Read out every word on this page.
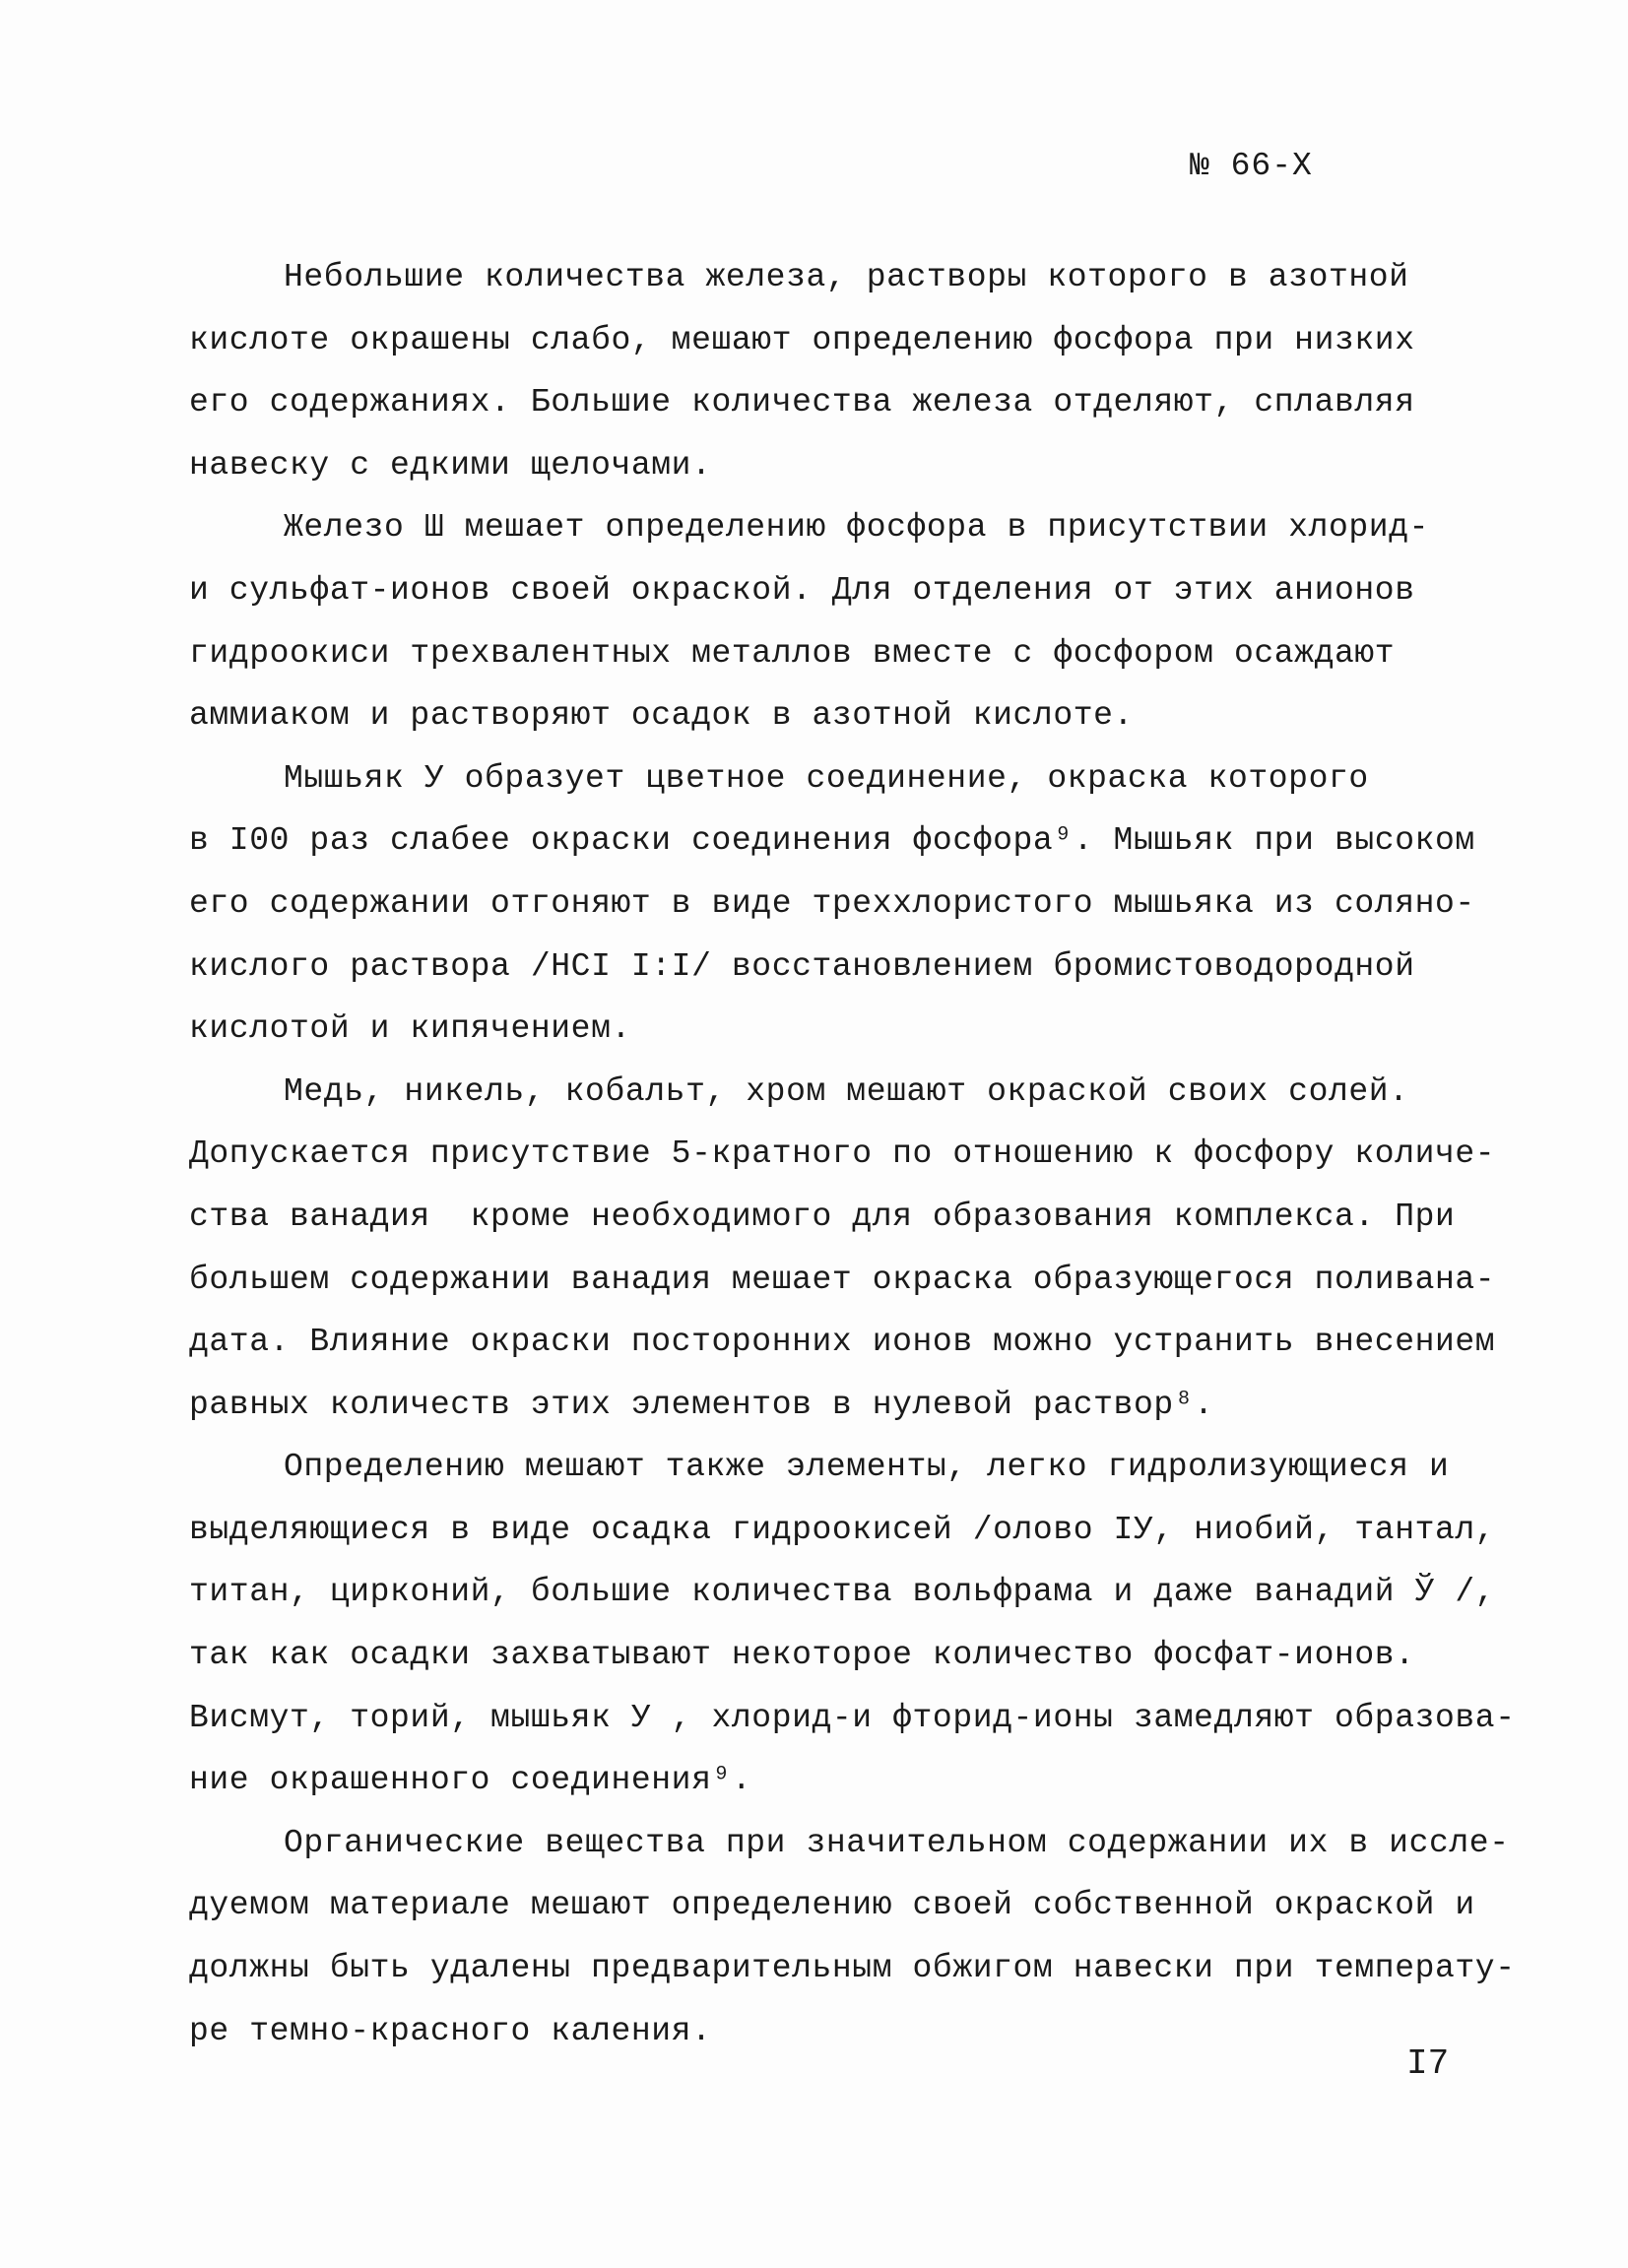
№ 66-X
Небольшие количества железа, растворы которого в азотной
кислоте окрашены слабо, мешают определению фосфора при низких
его содержаниях. Большие количества железа отделяют, сплавляя
навеску с едкими щелочами.
Железо Ш мешает определению фосфора в присутствии хлорид-
и сульфат-ионов своей окраской. Для отделения от этих анионов
гидроокиси трехвалентных металлов вместе с фосфором осаждают
аммиаком и растворяют осадок в азотной кислоте.
Мышьяк У образует цветное соединение, окраска которого
в I00 раз слабее окраски соединения фосфора⁹. Мышьяк при высоком
его содержании отгоняют в виде треххлористого мышьяка из соляно-
кислого раствора /HCI I:I/ восстановлением бромистоводородной
кислотой и кипячением.
Медь, никель, кобальт, хром мешают окраской своих солей.
Допускается присутствие 5-кратного по отношению к фосфору количе-
ства ванадия  кроме необходимого для образования комплекса. При
большем содержании ванадия мешает окраска образующегося поливана-
дата. Влияние окраски посторонних ионов можно устранить внесением
равных количеств этих элементов в нулевой раствор⁸.
Определению мешают также элементы, легко гидролизующиеся и
выделяющиеся в виде осадка гидроокисей /олово IУ, ниобий, тантал,
титан, цирконий, большие количества вольфрама и даже ванадий Ў /,
так как осадки захватывают некоторое количество фосфат-ионов.
Висмут, торий, мышьяк У , хлорид-и фторид-ионы замедляют образова-
ние окрашенного соединения⁹.
Органические вещества при значительном содержании их в иссле-
дуемом материале мешают определению своей собственной окраской и
должны быть удалены предварительным обжигом навески при температу-
ре темно-красного каления.
I7
